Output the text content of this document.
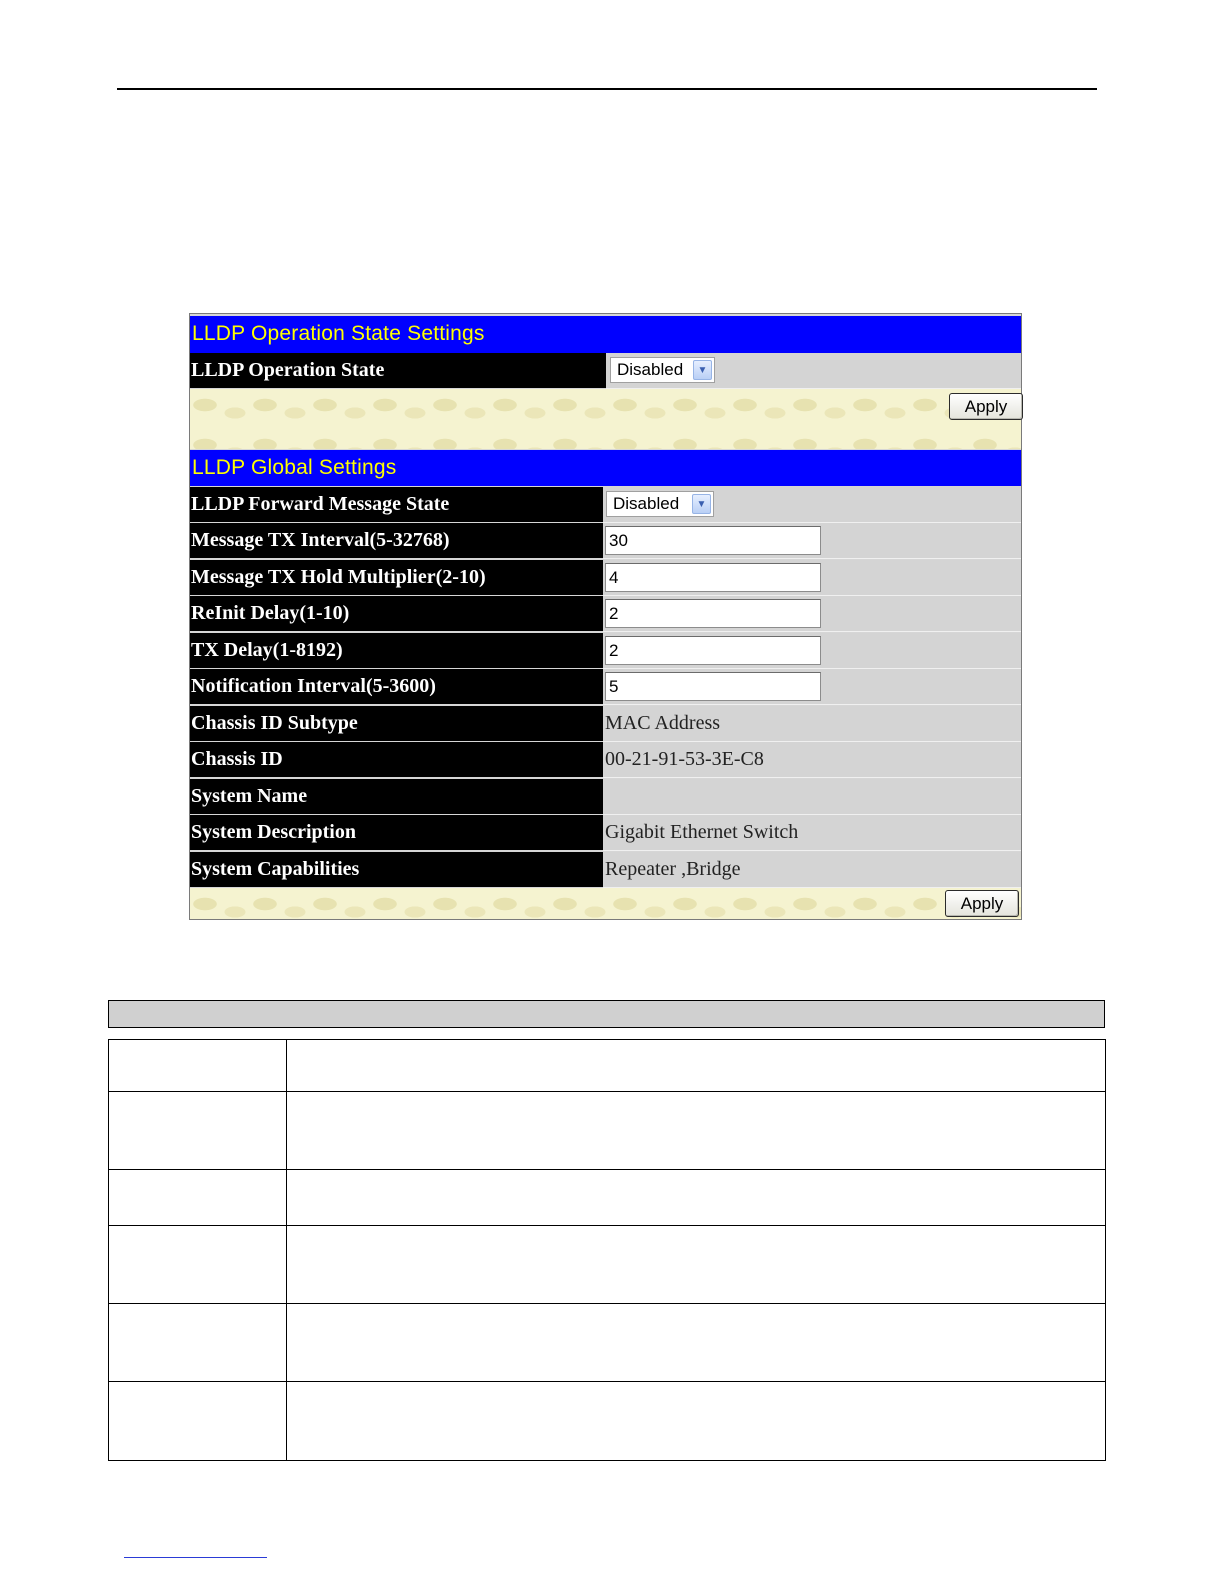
LLDP Operation State Settings
LLDP Operation State	Disabled	▼
Apply
LLDP Global Settings
LLDP Forward Message State	Disabled	▼
Message TX Interval(5-32768)	30
Message TX Hold Multiplier(2-10)	4
ReInit Delay(1-10)	2
TX Delay(1-8192)	2
Notification Interval(5-3600)	5
Chassis ID Subtype	MAC Address
Chassis ID	00-21-91-53-3E-C8
System Name
System Description	Gigabit Ethernet Switch
System Capabilities	Repeater ,Bridge
Apply
